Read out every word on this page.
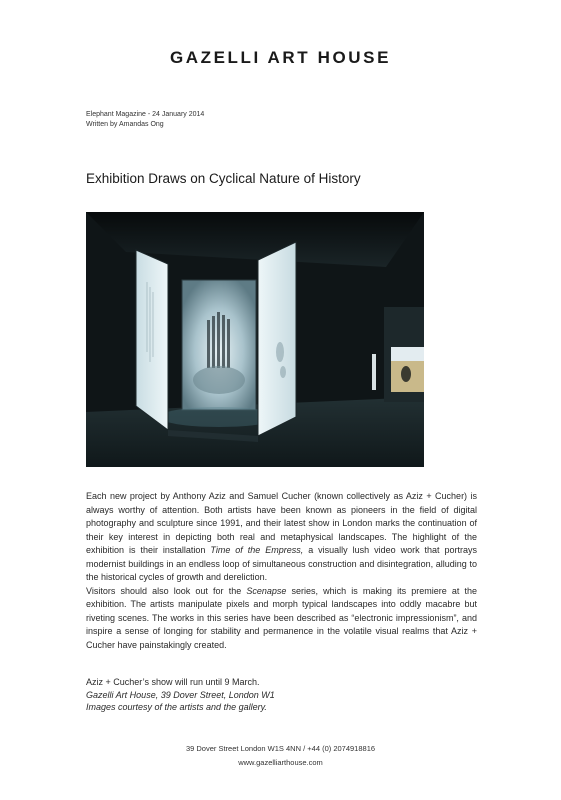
GAZELLI ART HOUSE
Elephant Magazine - 24 January 2014
Written by Amandas Ong
Exhibition Draws on Cyclical Nature of History

Each new project by Anthony Aziz and Samuel Cucher (known collectively as Aziz + Cucher) is always worthy of attention. Both artists have been known as pioneers in the field of digital photography and sculpture since 1991, and their latest show in London marks the continuation of their key interest in depicting both real and metaphysical landscapes. The highlight of the exhibition is their installation Time of the Empress, a visually lush video work that portrays modernist buildings in an endless loop of simultaneous construction and disintegration, alluding to the historical cycles of growth and dereliction.

Visitors should also look out for the Scenapse series, which is making its premiere at the exhibition. The artists manipulate pixels and morph typical landscapes into oddly macabre but riveting scenes. The works in this series have been described as “electronic impressionism”, and inspire a sense of longing for stability and permanence in the volatile visual realms that Aziz + Cucher have painstakingly created.

Aziz + Cucher’s show will run until 9 March.
Gazelli Art House, 39 Dover Street, London W1
Images courtesy of the artists and the gallery.
39 Dover Street London W1S 4NN / +44 (0) 2074918816
www.gazelliarthouse.com
